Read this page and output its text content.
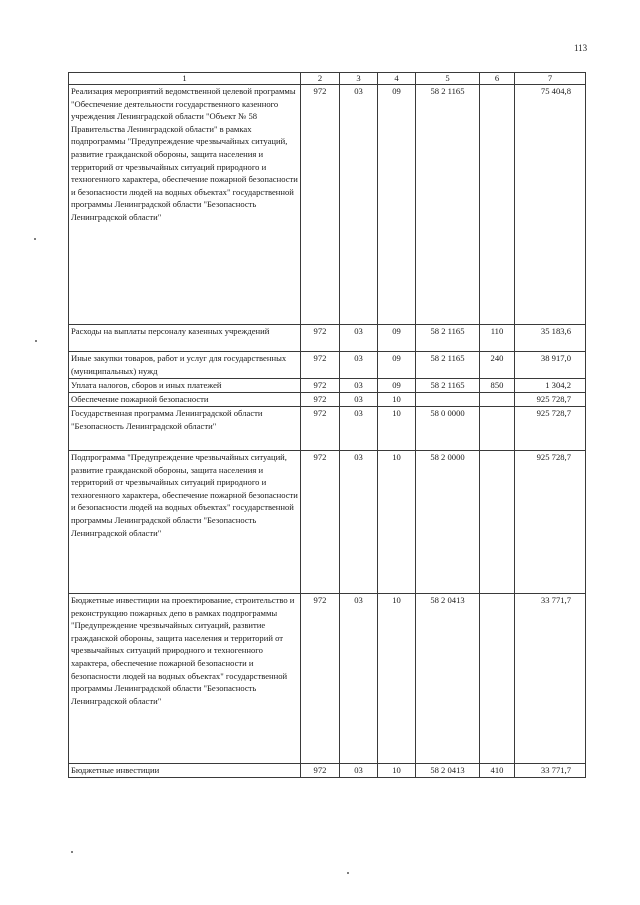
113
1	2	3	4	5	6	7
Реализация мероприятий ведомственной целевой программы "Обеспечение деятельности государственного казенного учреждения Ленинградской области "Объект № 58 Правительства Ленинградской области" в рамках подпрограммы "Предупреждение чрезвычайных ситуаций, развитие гражданской обороны, защита населения и территорий от чрезвычайных ситуаций природного и техногенного характера, обеспечение пожарной безопасности и безопасности людей на водных объектах" государственной программы Ленинградской области "Безопасность Ленинградской области"	972	03	09	58 2 1165		75 404,8
Расходы на выплаты персоналу казенных учреждений	972	03	09	58 2 1165	110	35 183,6
Иные закупки товаров, работ и услуг для государственных (муниципальных) нужд	972	03	09	58 2 1165	240	38 917,0
Уплата налогов, сборов и иных платежей	972	03	09	58 2 1165	850	1 304,2
Обеспечение пожарной безопасности	972	03	10			925 728,7
Государственная программа Ленинградской области "Безопасность Ленинградской области"	972	03	10	58 0 0000		925 728,7
Подпрограмма "Предупреждение чрезвычайных ситуаций, развитие гражданской обороны, защита населения и территорий от чрезвычайных ситуаций природного и техногенного характера, обеспечение пожарной безопасности и безопасности людей на водных объектах" государственной программы Ленинградской области "Безопасность Ленинградской области"	972	03	10	58 2 0000		925 728,7
Бюджетные инвестиции на проектирование, строительство и реконструкцию пожарных депо в рамках подпрограммы "Предупреждение чрезвычайных ситуаций, развитие гражданской обороны, защита населения и территорий от чрезвычайных ситуаций природного и техногенного характера, обеспечение пожарной безопасности и безопасности людей на водных объектах" государственной программы Ленинградской области "Безопасность Ленинградской области"	972	03	10	58 2 0413		33 771,7
Бюджетные инвестиции	972	03	10	58 2 0413	410	33 771,7
